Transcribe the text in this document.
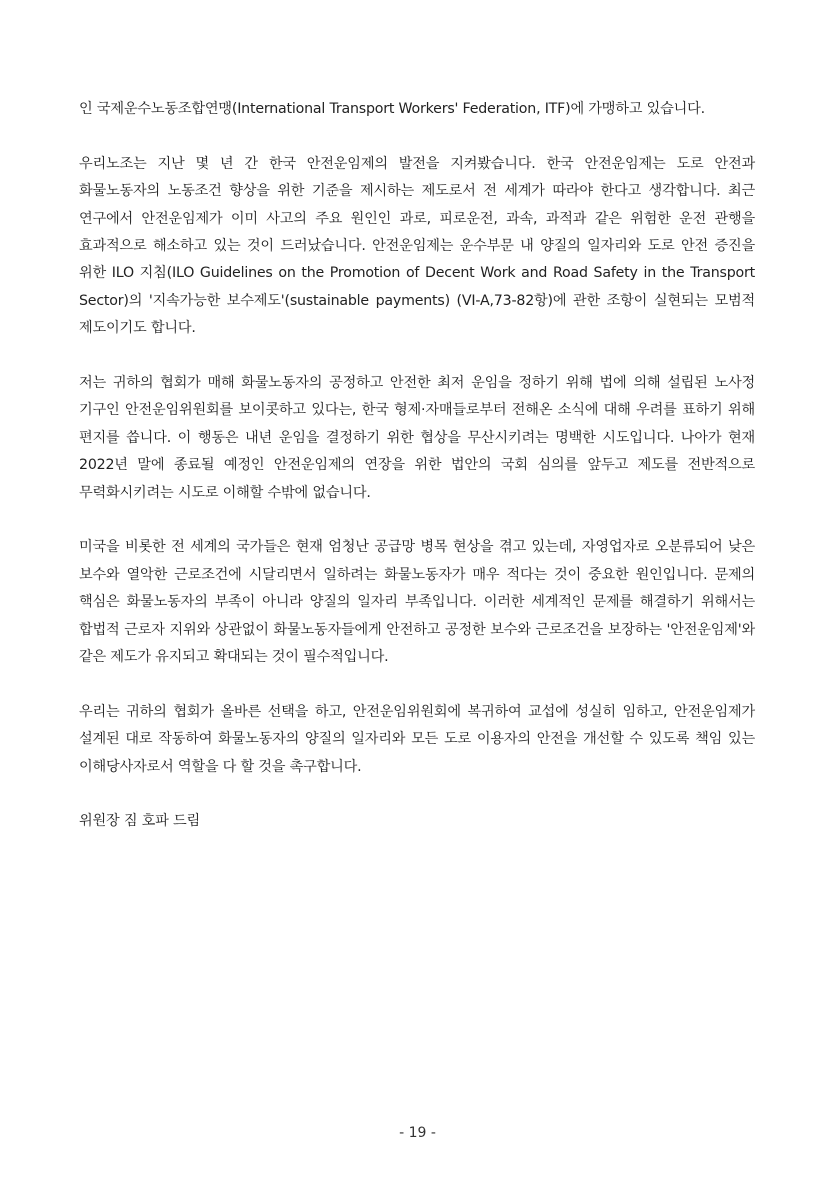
인 국제운수노동조합연맹(International Transport Workers' Federation, ITF)에 가맹하고 있습니다.

우리노조는 지난 몇 년 간 한국 안전운임제의 발전을 지켜봤습니다. 한국 안전운임제는 도로 안전과 화물노동자의 노동조건 향상을 위한 기준을 제시하는 제도로서 전 세계가 따라야 한다고 생각합니다. 최근 연구에서 안전운임제가 이미 사고의 주요 원인인 과로, 피로운전, 과속, 과적과 같은 위험한 운전 관행을 효과적으로 해소하고 있는 것이 드러났습니다. 안전운임제는 운수부문 내 양질의 일자리와 도로 안전 증진을 위한 ILO 지침(ILO Guidelines on the Promotion of Decent Work and Road Safety in the Transport Sector)의 '지속가능한 보수제도'(sustainable payments) (VI-A,73-82항)에 관한 조항이 실현되는 모범적 제도이기도 합니다.

저는 귀하의 협회가 매해 화물노동자의 공정하고 안전한 최저 운임을 정하기 위해 법에 의해 설립된 노사정 기구인 안전운임위원회를 보이콧하고 있다는, 한국 형제·자매들로부터 전해온 소식에 대해 우려를 표하기 위해 편지를 씁니다. 이 행동은 내년 운임을 결정하기 위한 협상을 무산시키려는 명백한 시도입니다. 나아가 현재 2022년 말에 종료될 예정인 안전운임제의 연장을 위한 법안의 국회 심의를 앞두고 제도를 전반적으로 무력화시키려는 시도로 이해할 수밖에 없습니다.

미국을 비롯한 전 세계의 국가들은 현재 엄청난 공급망 병목 현상을 겪고 있는데, 자영업자로 오분류되어 낮은 보수와 열악한 근로조건에 시달리면서 일하려는 화물노동자가 매우 적다는 것이 중요한 원인입니다. 문제의 핵심은 화물노동자의 부족이 아니라 양질의 일자리 부족입니다. 이러한 세계적인 문제를 해결하기 위해서는 합법적 근로자 지위와 상관없이 화물노동자들에게 안전하고 공정한 보수와 근로조건을 보장하는 '안전운임제'와 같은 제도가 유지되고 확대되는 것이 필수적입니다.

우리는 귀하의 협회가 올바른 선택을 하고, 안전운임위원회에 복귀하여 교섭에 성실히 임하고, 안전운임제가 설계된 대로 작동하여 화물노동자의 양질의 일자리와 모든 도로 이용자의 안전을 개선할 수 있도록 책임 있는 이해당사자로서 역할을 다 할 것을 촉구합니다.

위원장 짐 호파 드림

- 19 -
